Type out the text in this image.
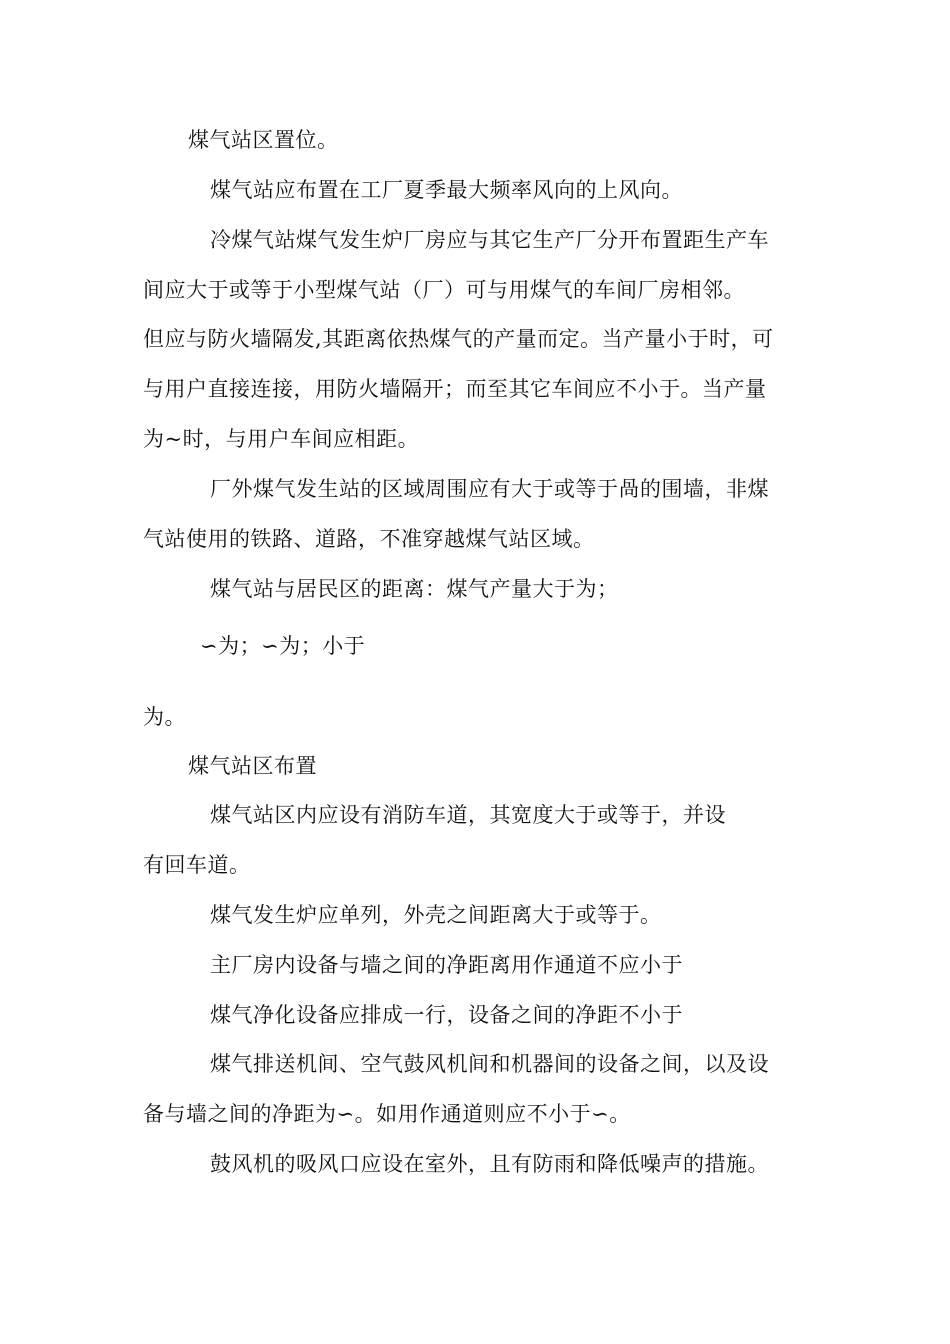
煤气站区置位。
煤气站应布置在工厂夏季最大频率风向的上风向。
冷煤气站煤气发生炉厂房应与其它生产厂分开布置距生产车
间应大于或等于小型煤气站（厂）可与用煤气的车间厂房相邻。
但应与防火墙隔发,其距离依热煤气的产量而定。当产量小于时，可
与用户直接连接，用防火墙隔开；而至其它车间应不小于。当产量
为~时，与用户车间应相距。
厂外煤气发生站的区域周围应有大于或等于咼的围墙，非煤
气站使用的铁路、道路，不准穿越煤气站区域。
煤气站与居民区的距离：煤气产量大于为；
∽为；∽为；小于
为。
煤气站区布置
煤气站区内应设有消防车道，其宽度大于或等于，并设
有回车道。
煤气发生炉应单列，外壳之间距离大于或等于。
主厂房内设备与墙之间的净距离用作通道不应小于
煤气净化设备应排成一行，设备之间的净距不小于
煤气排送机间、空气鼓风机间和机器间的设备之间，以及设
备与墙之间的净距为∽。如用作通道则应不小于∽。
鼓风机的吸风口应设在室外，且有防雨和降低噪声的措施。
